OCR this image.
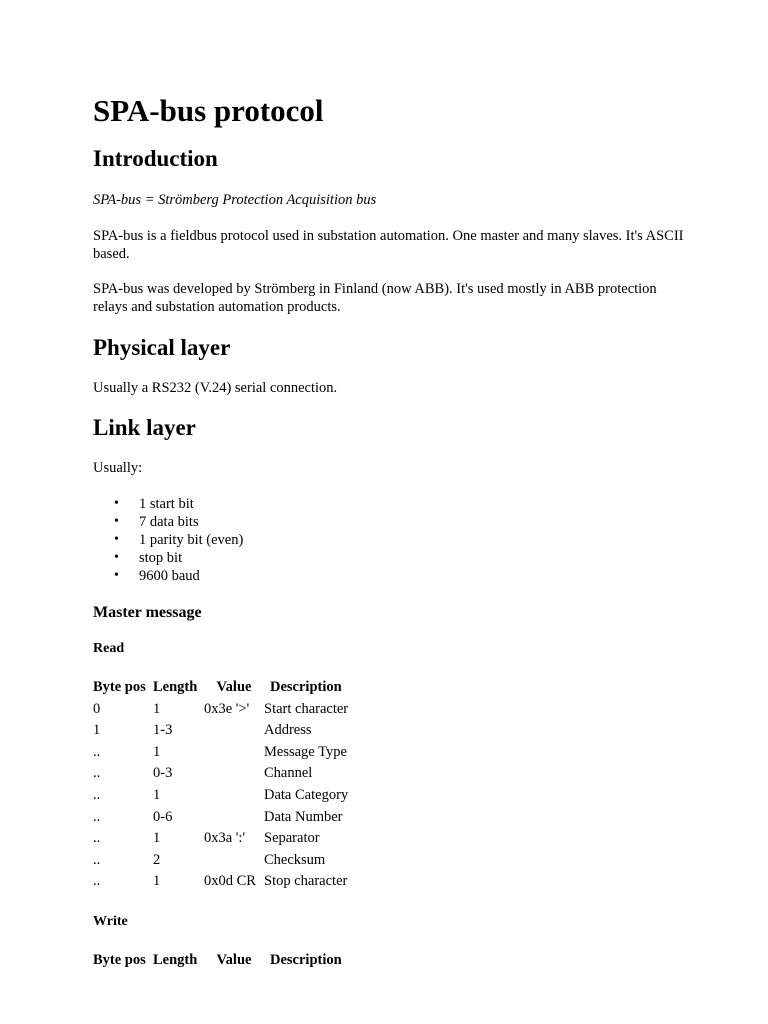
SPA-bus protocol
Introduction

SPA-bus = Strömberg Protection Acquisition bus

SPA-bus is a fieldbus protocol used in substation automation. One master and many slaves. It's ASCII based.

SPA-bus was developed by Strömberg in Finland (now ABB). It's used mostly in ABB protection relays and substation automation products.

Physical layer

Usually a RS232 (V.24) serial connection.

Link layer

Usually:

• 1 start bit
• 7 data bits
• 1 parity bit (even)
• stop bit
• 9600 baud
Master message
Read
Byte pos	Length	Value	Description
0	1	0x3e '>'	Start character
1	1-3		Address
..	1		Message Type
..	0-3		Channel
..	1		Data Category
..	0-6		Data Number
..	1	0x3a ':'	Separator
..	2		Checksum
..	1	0x0d CR	Stop character
Write
Byte pos	Length	Value	Description
